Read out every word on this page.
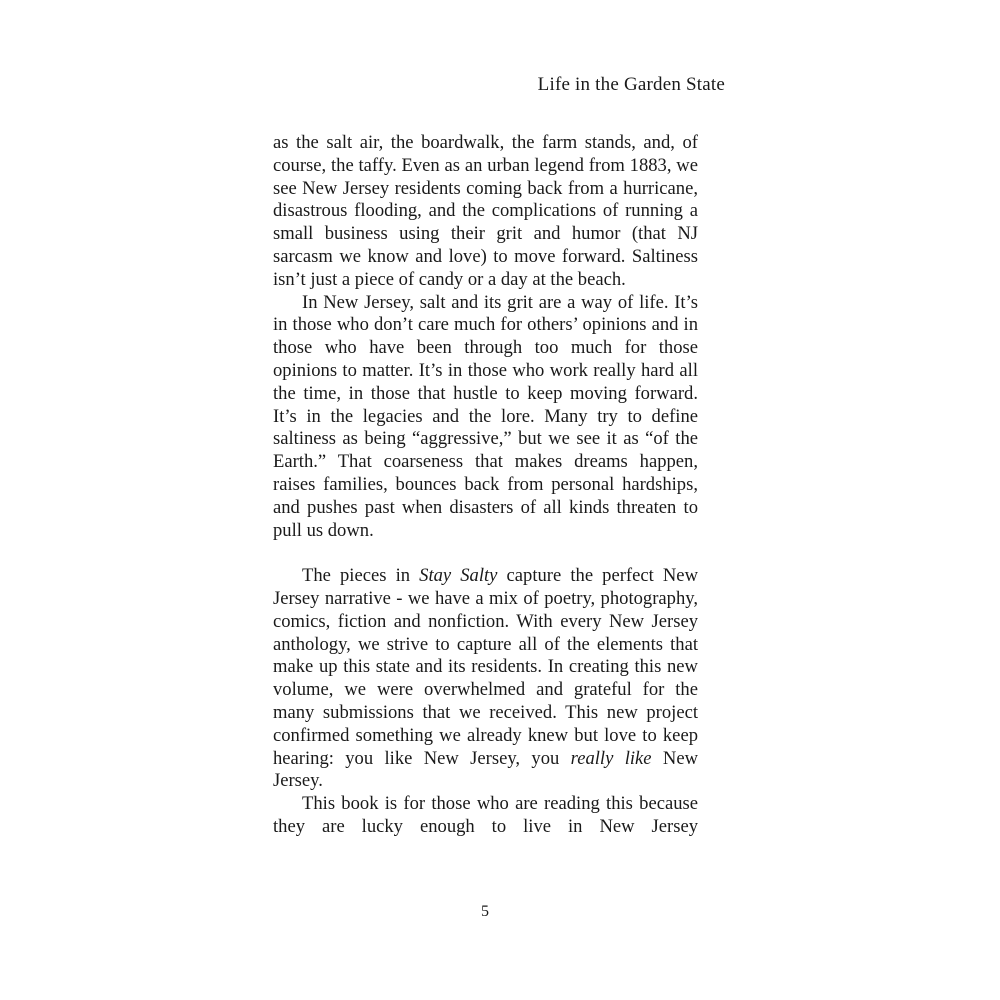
Life in the Garden State

as the salt air, the boardwalk, the farm stands, and, of course, the taffy. Even as an urban legend from 1883, we see New Jersey residents coming back from a hurricane, disastrous flooding, and the complications of running a small business using their grit and humor (that NJ sarcasm we know and love) to move forward. Saltiness isn’t just a piece of candy or a day at the beach.

In New Jersey, salt and its grit are a way of life. It’s in those who don’t care much for others’ opinions and in those who have been through too much for those opinions to matter. It’s in those who work really hard all the time, in those that hustle to keep moving forward. It’s in the legacies and the lore. Many try to define saltiness as being “aggressive,” but we see it as “of the Earth.” That coarseness that makes dreams happen, raises families, bounces back from personal hardships, and pushes past when disasters of all kinds threaten to pull us down.

The pieces in Stay Salty capture the perfect New Jersey narrative - we have a mix of poetry, photography, comics, fiction and nonfiction. With every New Jersey anthology, we strive to capture all of the elements that make up this state and its residents. In creating this new volume, we were overwhelmed and grateful for the many submissions that we received. This new project confirmed something we already knew but love to keep hearing: you like New Jersey, you really like New Jersey.

This book is for those who are reading this because they are lucky enough to live in New Jersey

5
